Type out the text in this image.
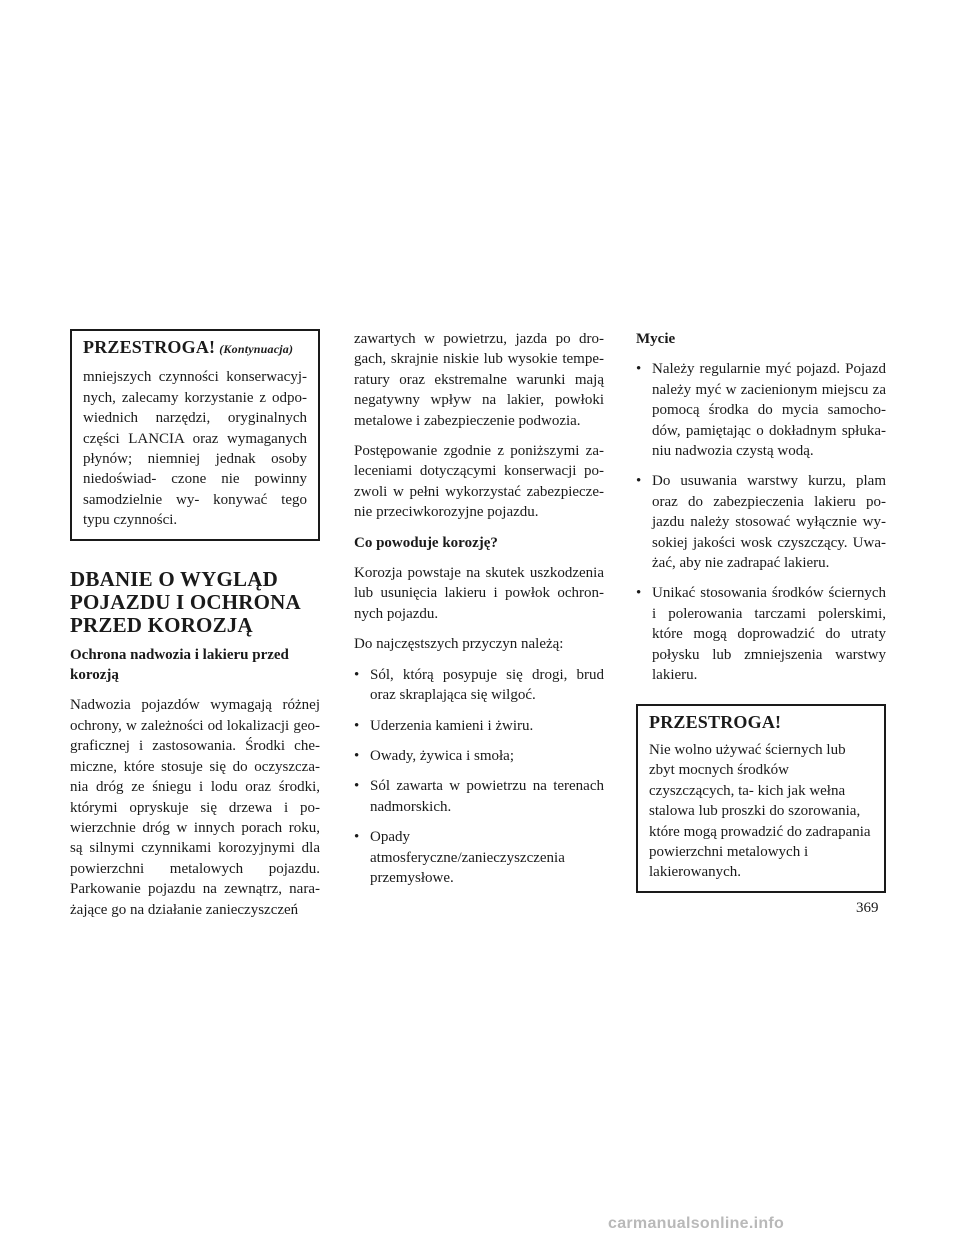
PRZESTROGA! (Kontynuacja)

mniejszych czynności konserwacyj- nych, zalecamy korzystanie z odpo- wiednich narzędzi, oryginalnych części LANCIA oraz wymaganych płynów; niemniej jednak osoby niedoświad- czone nie powinny samodzielnie wy- konywać tego typu czynności.

DBANIE O WYGLĄD POJAZDU I OCHRONA PRZED KOROZJĄ

Ochrona nadwozia i lakieru przed korozją

Nadwozia pojazdów wymagają różnej ochrony, w zależności od lokalizacji geo- graficznej i zastosowania. Środki che- miczne, które stosuje się do oczyszcza- nia dróg ze śniegu i lodu oraz środki, którymi opryskuje się drzewa i po- wierzchnie dróg w innych porach roku, są silnymi czynnikami korozyjnymi dla powierzchni metalowych pojazdu. Parkowanie pojazdu na zewnątrz, nara- żające go na działanie zanieczyszczeń

zawartych w powietrzu, jazda po dro- gach, skrajnie niskie lub wysokie tempe- ratury oraz ekstremalne warunki mają negatywny wpływ na lakier, powłoki metalowe i zabezpieczenie podwozia.

Postępowanie zgodnie z poniższymi za- leceniami dotyczącymi konserwacji po- zwoli w pełni wykorzystać zabezpiecze- nie przeciwkorozyjne pojazdu.

Co powoduje korozję?

Korozja powstaje na skutek uszkodzenia lub usunięcia lakieru i powłok ochron- nych pojazdu.

Do najczęstszych przyczyn należą:

• Sól, którą posypuje się drogi, brud oraz skraplająca się wilgoć.
• Uderzenia kamieni i żwiru.
• Owady, żywica i smoła;
• Sól zawarta w powietrzu na terenach nadmorskich.
• Opady atmosferyczne/zanieczyszczenia przemysłowe.

Mycie

• Należy regularnie myć pojazd. Pojazd należy myć w zacienionym miejscu za pomocą środka do mycia samocho- dów, pamiętając o dokładnym spłuka- niu nadwozia czystą wodą.
• Do usuwania warstwy kurzu, plam oraz do zabezpieczenia lakieru po- jazdu należy stosować wyłącznie wy- sokiej jakości wosk czyszczący. Uwa- żać, aby nie zadrapać lakieru.
• Unikać stosowania środków ściernych i polerowania tarczami polerskimi, które mogą doprowadzić do utraty połysku lub zmniejszenia warstwy lakieru.
PRZESTROGA!

Nie wolno używać ściernych lub zbyt mocnych środków czyszczących, ta- kich jak wełna stalowa lub proszki do szorowania, które mogą prowadzić do zadrapania powierzchni metalowych i lakierowanych.

369
carmanualsonline.info
